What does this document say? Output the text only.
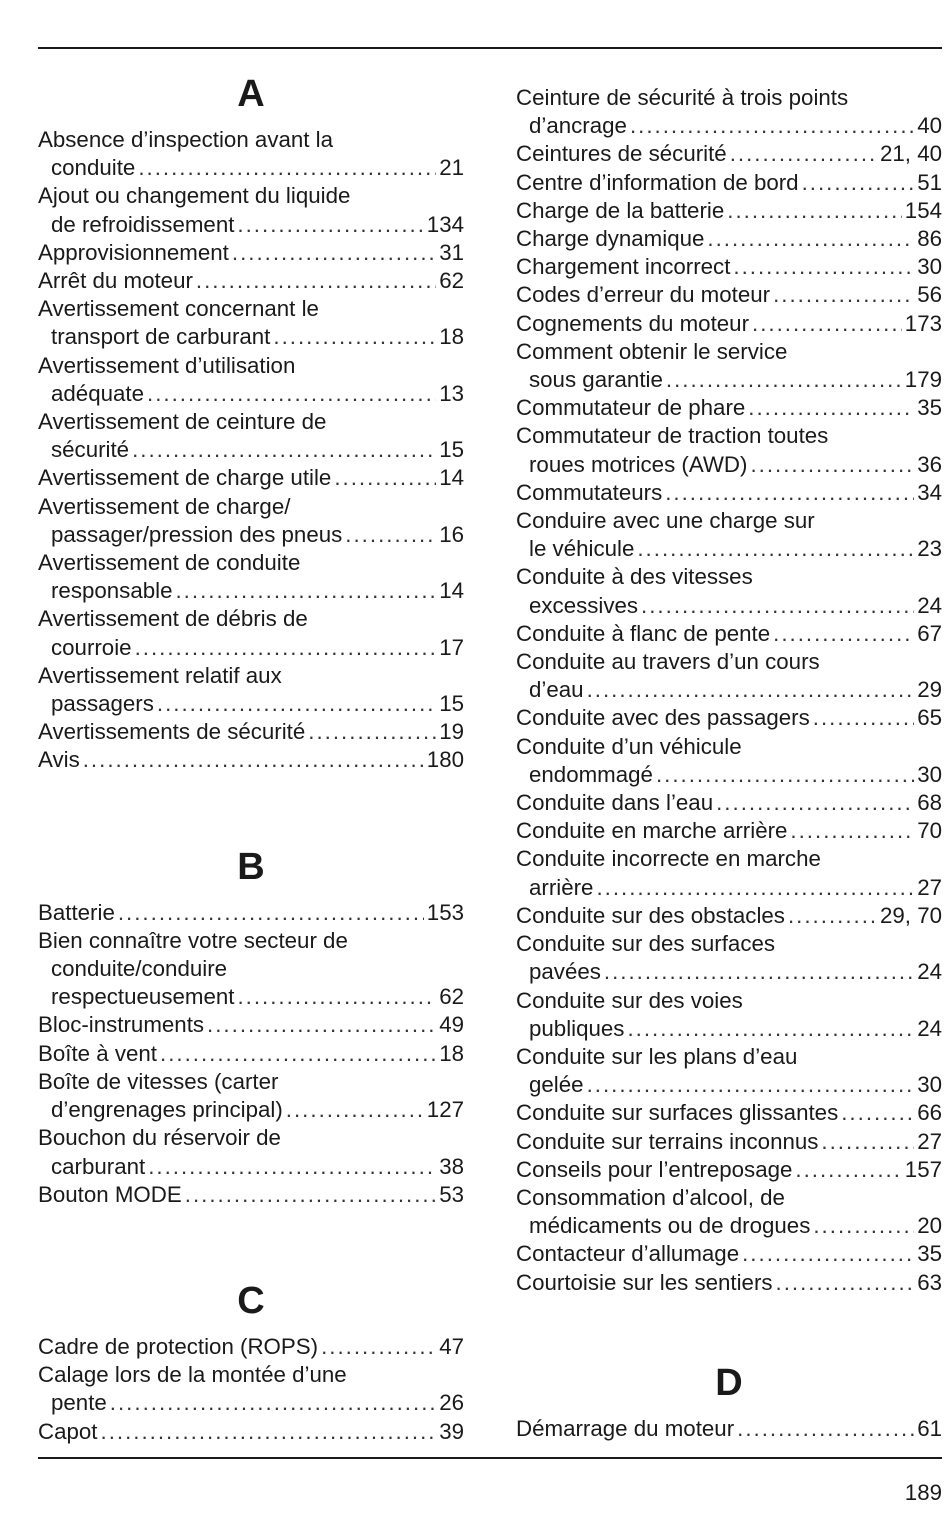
A
Absence d’inspection avant la
conduite .....	21
Ajout ou changement du liquide
de refroidissement .....	134
Approvisionnement .....	31
Arrêt du moteur .....	62
Avertissement concernant le
transport de carburant .....	18
Avertissement d’utilisation
adéquate .....	13
Avertissement de ceinture de
sécurité .....	15
Avertissement de charge utile .....	14
Avertissement de charge/
passager/pression des pneus .....	16
Avertissement de conduite
responsable .....	14
Avertissement de débris de
courroie .....	17
Avertissement relatif aux
passagers .....	15
Avertissements de sécurité .....	19
Avis .....	180
B
Batterie .....	153
Bien connaître votre secteur de
conduite/conduire
respectueusement .....	62
Bloc-instruments .....	49
Boîte à vent .....	18
Boîte de vitesses (carter
d’engrenages principal) .....	127
Bouchon du réservoir de
carburant .....	38
Bouton MODE .....	53
C
Cadre de protection (ROPS) .....	47
Calage lors de la montée d’une
pente .....	26
Capot .....	39
Ceinture de sécurité à trois points
d’ancrage .....	40
Ceintures de sécurité .....	21, 40
Centre d’information de bord .....	51
Charge de la batterie .....	154
Charge dynamique .....	86
Chargement incorrect .....	30
Codes d’erreur du moteur .....	56
Cognements du moteur .....	173
Comment obtenir le service
sous garantie .....	179
Commutateur de phare .....	35
Commutateur de traction toutes
roues motrices (AWD) .....	36
Commutateurs .....	34
Conduire avec une charge sur
le véhicule .....	23
Conduite à des vitesses
excessives .....	24
Conduite à flanc de pente .....	67
Conduite au travers d’un cours
d’eau .....	29
Conduite avec des passagers .....	65
Conduite d’un véhicule
endommagé .....	30
Conduite dans l’eau .....	68
Conduite en marche arrière .....	70
Conduite incorrecte en marche
arrière .....	27
Conduite sur des obstacles .....	29, 70
Conduite sur des surfaces
pavées .....	24
Conduite sur des voies
publiques .....	24
Conduite sur les plans d’eau
gelée .....	30
Conduite sur surfaces glissantes .....	66
Conduite sur terrains inconnus .....	27
Conseils pour l’entreposage .....	157
Consommation d’alcool, de
médicaments ou de drogues .....	20
Contacteur d’allumage .....	35
Courtoisie sur les sentiers .....	63
D
Démarrage du moteur .....	61
189
